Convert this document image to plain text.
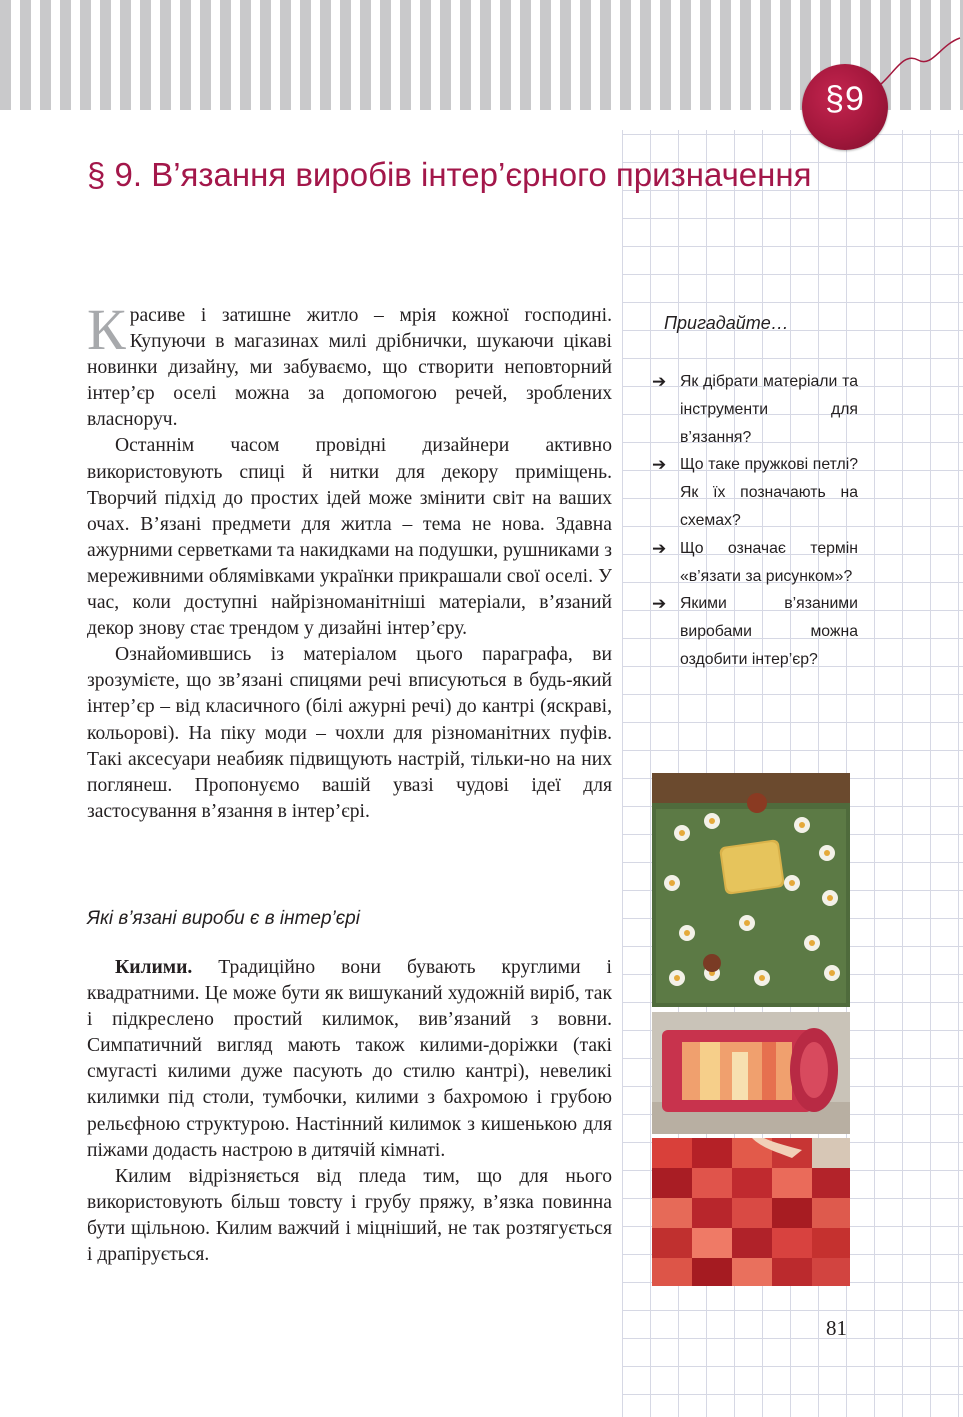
§9
§ 9. В’язання виробів інтер’єрного призначення

Красиве і затишне житло – мрія кожної господині. Купуючи в магазинах милі дрібнички, шукаючи цікаві новинки дизайну, ми забуваємо, що створити неповторний інтер’єр оселі можна за допомогою речей, зроблених власноруч.

Останнім часом провідні дизайнери активно використовують спиці й нитки для декору приміщень. Творчий підхід до простих ідей може змінити світ на ваших очах. В’язані предмети для житла – тема не нова. Здавна ажурними серветками та накидками на подушки, рушниками з мереживними облямівками українки прикрашали свої оселі. У час, коли доступні найрізноманітніші матеріали, в’язаний декор знову стає трендом у дизайні інтер’єру.

Ознайомившись із матеріалом цього параграфа, ви зрозумієте, що зв’язані спицями речі вписуються в будь-який інтер’єр – від класичного (білі ажурні речі) до кантрі (яскраві, кольорові). На піку моди – чохли для різноманітних пуфів. Такі аксесуари неабияк підвищують настрій, тільки-но на них поглянеш. Пропонуємо вашій увазі чудові ідеї для застосування в’язання в інтер’єрі.

Які в’язані вироби є в інтер’єрі

Килими. Традиційно вони бувають круглими і квадратними. Це може бути як вишуканий художній виріб, так і підкреслено простий килимок, вив’язаний з вовни. Симпатичний вигляд мають також килими-доріжки (такі смугасті килими дуже пасують до стилю кантрі), невеликі килимки під столи, тумбочки, килими з бахромою і грубою рельєфною структурою. Настінний килимок з кишенькою для піжами додасть настрою в дитячій кімнаті.

Килим відрізняється від пледа тим, що для нього використовують більш товсту і грубу пряжу, в’язка повинна бути щільною. Килим важчий і міцніший, не так розтягується і драпірується.

Пригадайте…
➔ Як дібрати матеріали та інструменти для в’язання?
➔ Що таке пружкові петлі? Як їх позначають на схемах?
➔ Що означає термін «в’язати за рисунком»?
➔ Якими в’язаними виробами можна оздобити інтер’єр?
81
